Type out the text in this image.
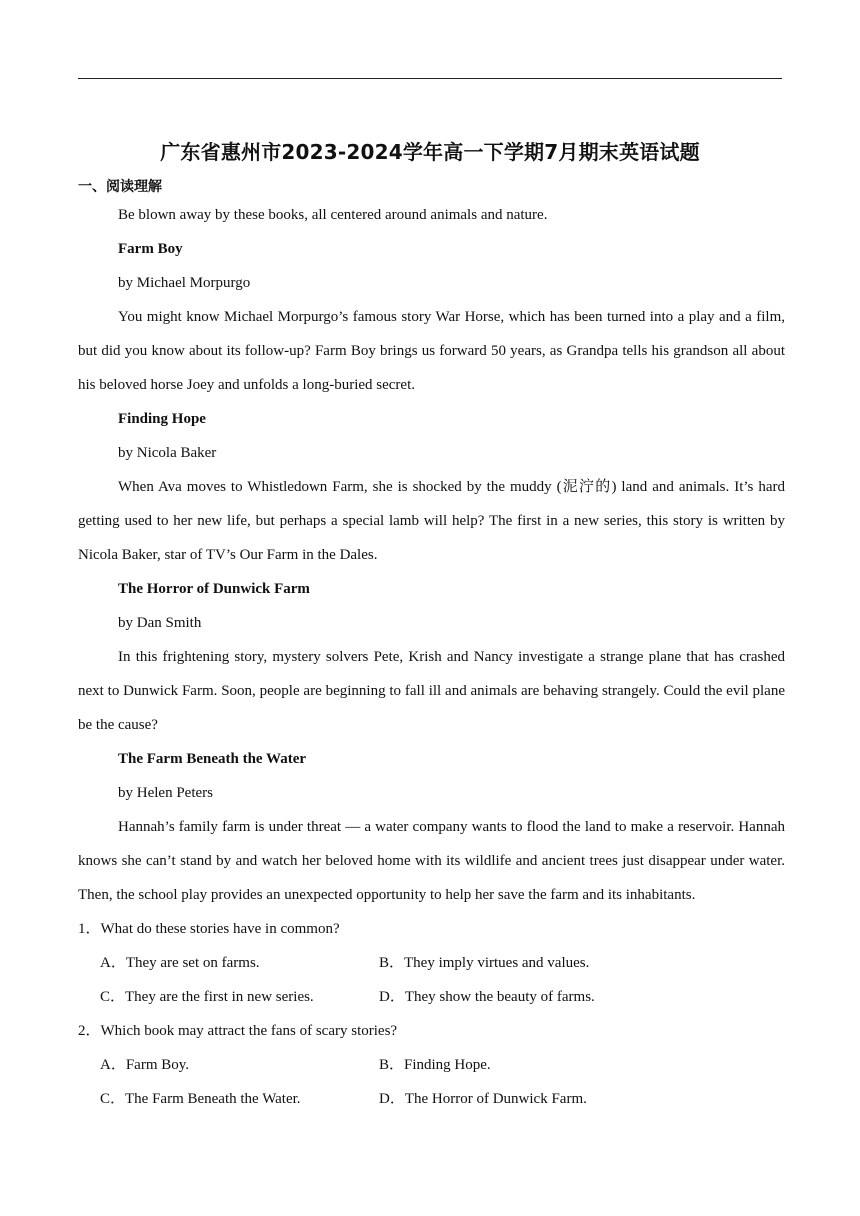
广东省惠州市2023-2024学年高一下学期7月期末英语试题
一、阅读理解

Be blown away by these books, all centered around animals and nature.

Farm Boy

by Michael Morpurgo

You might know Michael Morpurgo’s famous story War Horse, which has been turned into a play and a film, but did you know about its follow-up? Farm Boy brings us forward 50 years, as Grandpa tells his grandson all about his beloved horse Joey and unfolds a long-buried secret.

Finding Hope

by Nicola Baker

When Ava moves to Whistledown Farm, she is shocked by the muddy (泥泞的) land and animals. It’s hard getting used to her new life, but perhaps a special lamb will help? The first in a new series, this story is written by Nicola Baker, star of TV’s Our Farm in the Dales.

The Horror of Dunwick Farm

by Dan Smith

In this frightening story, mystery solvers Pete, Krish and Nancy investigate a strange plane that has crashed next to Dunwick Farm. Soon, people are beginning to fall ill and animals are behaving strangely. Could the evil plane be the cause?

The Farm Beneath the Water

by Helen Peters

Hannah’s family farm is under threat — a water company wants to flood the land to make a reservoir. Hannah knows she can’t stand by and watch her beloved home with its wildlife and ancient trees just disappear under water. Then, the school play provides an unexpected opportunity to help her save the farm and its inhabitants.

1．What do these stories have in common?

A．They are set on farms.	B．They imply virtues and values.
C．They are the first in new series.	D．They show the beauty of farms.

2．Which book may attract the fans of scary stories?

A．Farm Boy.	B．Finding Hope.
C．The Farm Beneath the Water.	D．The Horror of Dunwick Farm.
